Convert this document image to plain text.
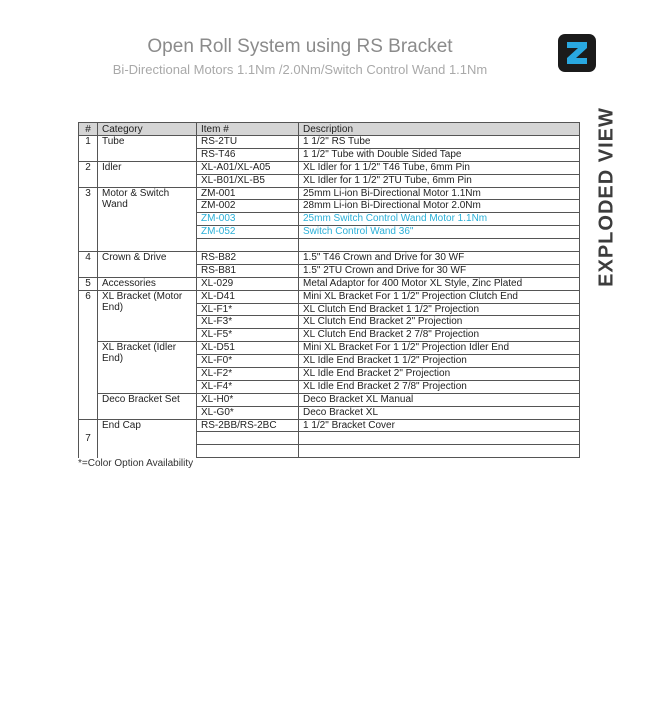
Open Roll System using RS Bracket
Bi-Directional Motors 1.1Nm /2.0Nm/Switch Control Wand 1.1Nm
EXPLODED VIEW
#	Category	Item #	Description
1	Tube	RS-2TU	1 1/2" RS Tube
		RS-T46	1 1/2" Tube with Double Sided Tape
2	Idler	XL-A01/XL-A05	XL Idler for 1 1/2" T46 Tube, 6mm Pin
		XL-B01/XL-B5	XL Idler for 1 1/2" 2TU Tube, 6mm Pin
3	Motor & Switch Wand	ZM-001	25mm Li-ion Bi-Directional Motor 1.1Nm
		ZM-002	28mm Li-ion Bi-Directional Motor 2.0Nm
		ZM-003	25mm Switch Control Wand Motor 1.1Nm
		ZM-052	Switch Control Wand 36"

4	Crown & Drive	RS-B82	1.5" T46 Crown and Drive for 30 WF
		RS-B81	1.5" 2TU Crown and Drive for 30 WF
5	Accessories	XL-029	Metal Adaptor for 400 Motor XL Style, Zinc Plated
6	XL Bracket (Motor End)	XL-D41	Mini XL Bracket For 1 1/2" Projection Clutch End
		XL-F1*	XL Clutch End Bracket 1 1/2" Projection
		XL-F3*	XL Clutch End Bracket 2" Projection
		XL-F5*	XL Clutch End Bracket 2 7/8" Projection
	XL Bracket (Idler End)	XL-D51	Mini XL Bracket For 1 1/2" Projection Idler End
		XL-F0*	XL Idle End Bracket 1 1/2" Projection
		XL-F2*	XL Idle End Bracket 2" Projection
		XL-F4*	XL Idle End Bracket 2 7/8" Projection
	Deco Bracket Set	XL-H0*	Deco Bracket XL Manual
		XL-G0*	Deco Bracket XL
7	End Cap	RS-2BB/RS-2BC	1 1/2" Bracket Cover

*=Color Option Availability
